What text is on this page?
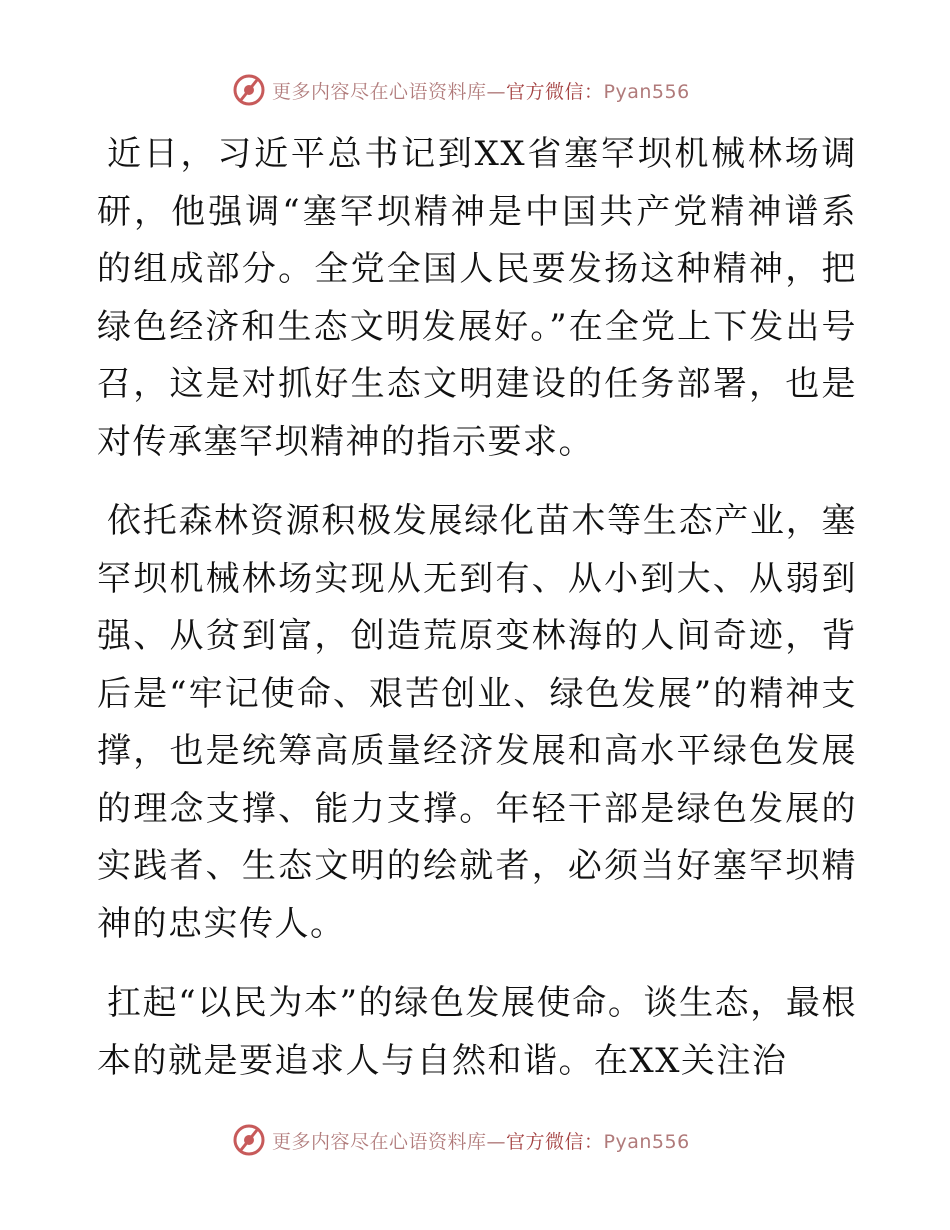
更多内容尽在心语资料库—官方微信：Pyan556

近日，习近平总书记到XX省塞罕坝机械林场调研，他强调“塞罕坝精神是中国共产党精神谱系的组成部分。全党全国人民要发扬这种精神，把绿色经济和生态文明发展好。”在全党上下发出号召，这是对抓好生态文明建设的任务部署，也是对传承塞罕坝精神的指示要求。

依托森林资源积极发展绿化苗木等生态产业，塞罕坝机械林场实现从无到有、从小到大、从弱到强、从贫到富，创造荒原变林海的人间奇迹，背后是“牢记使命、艰苦创业、绿色发展”的精神支撑，也是统筹高质量经济发展和高水平绿色发展的理念支撑、能力支撑。年轻干部是绿色发展的实践者、生态文明的绘就者，必须当好塞罕坝精神的忠实传人。

扛起“以民为本”的绿色发展使命。谈生态，最根本的就是要追求人与自然和谐。在XX关注治

更多内容尽在心语资料库—官方微信：Pyan556
